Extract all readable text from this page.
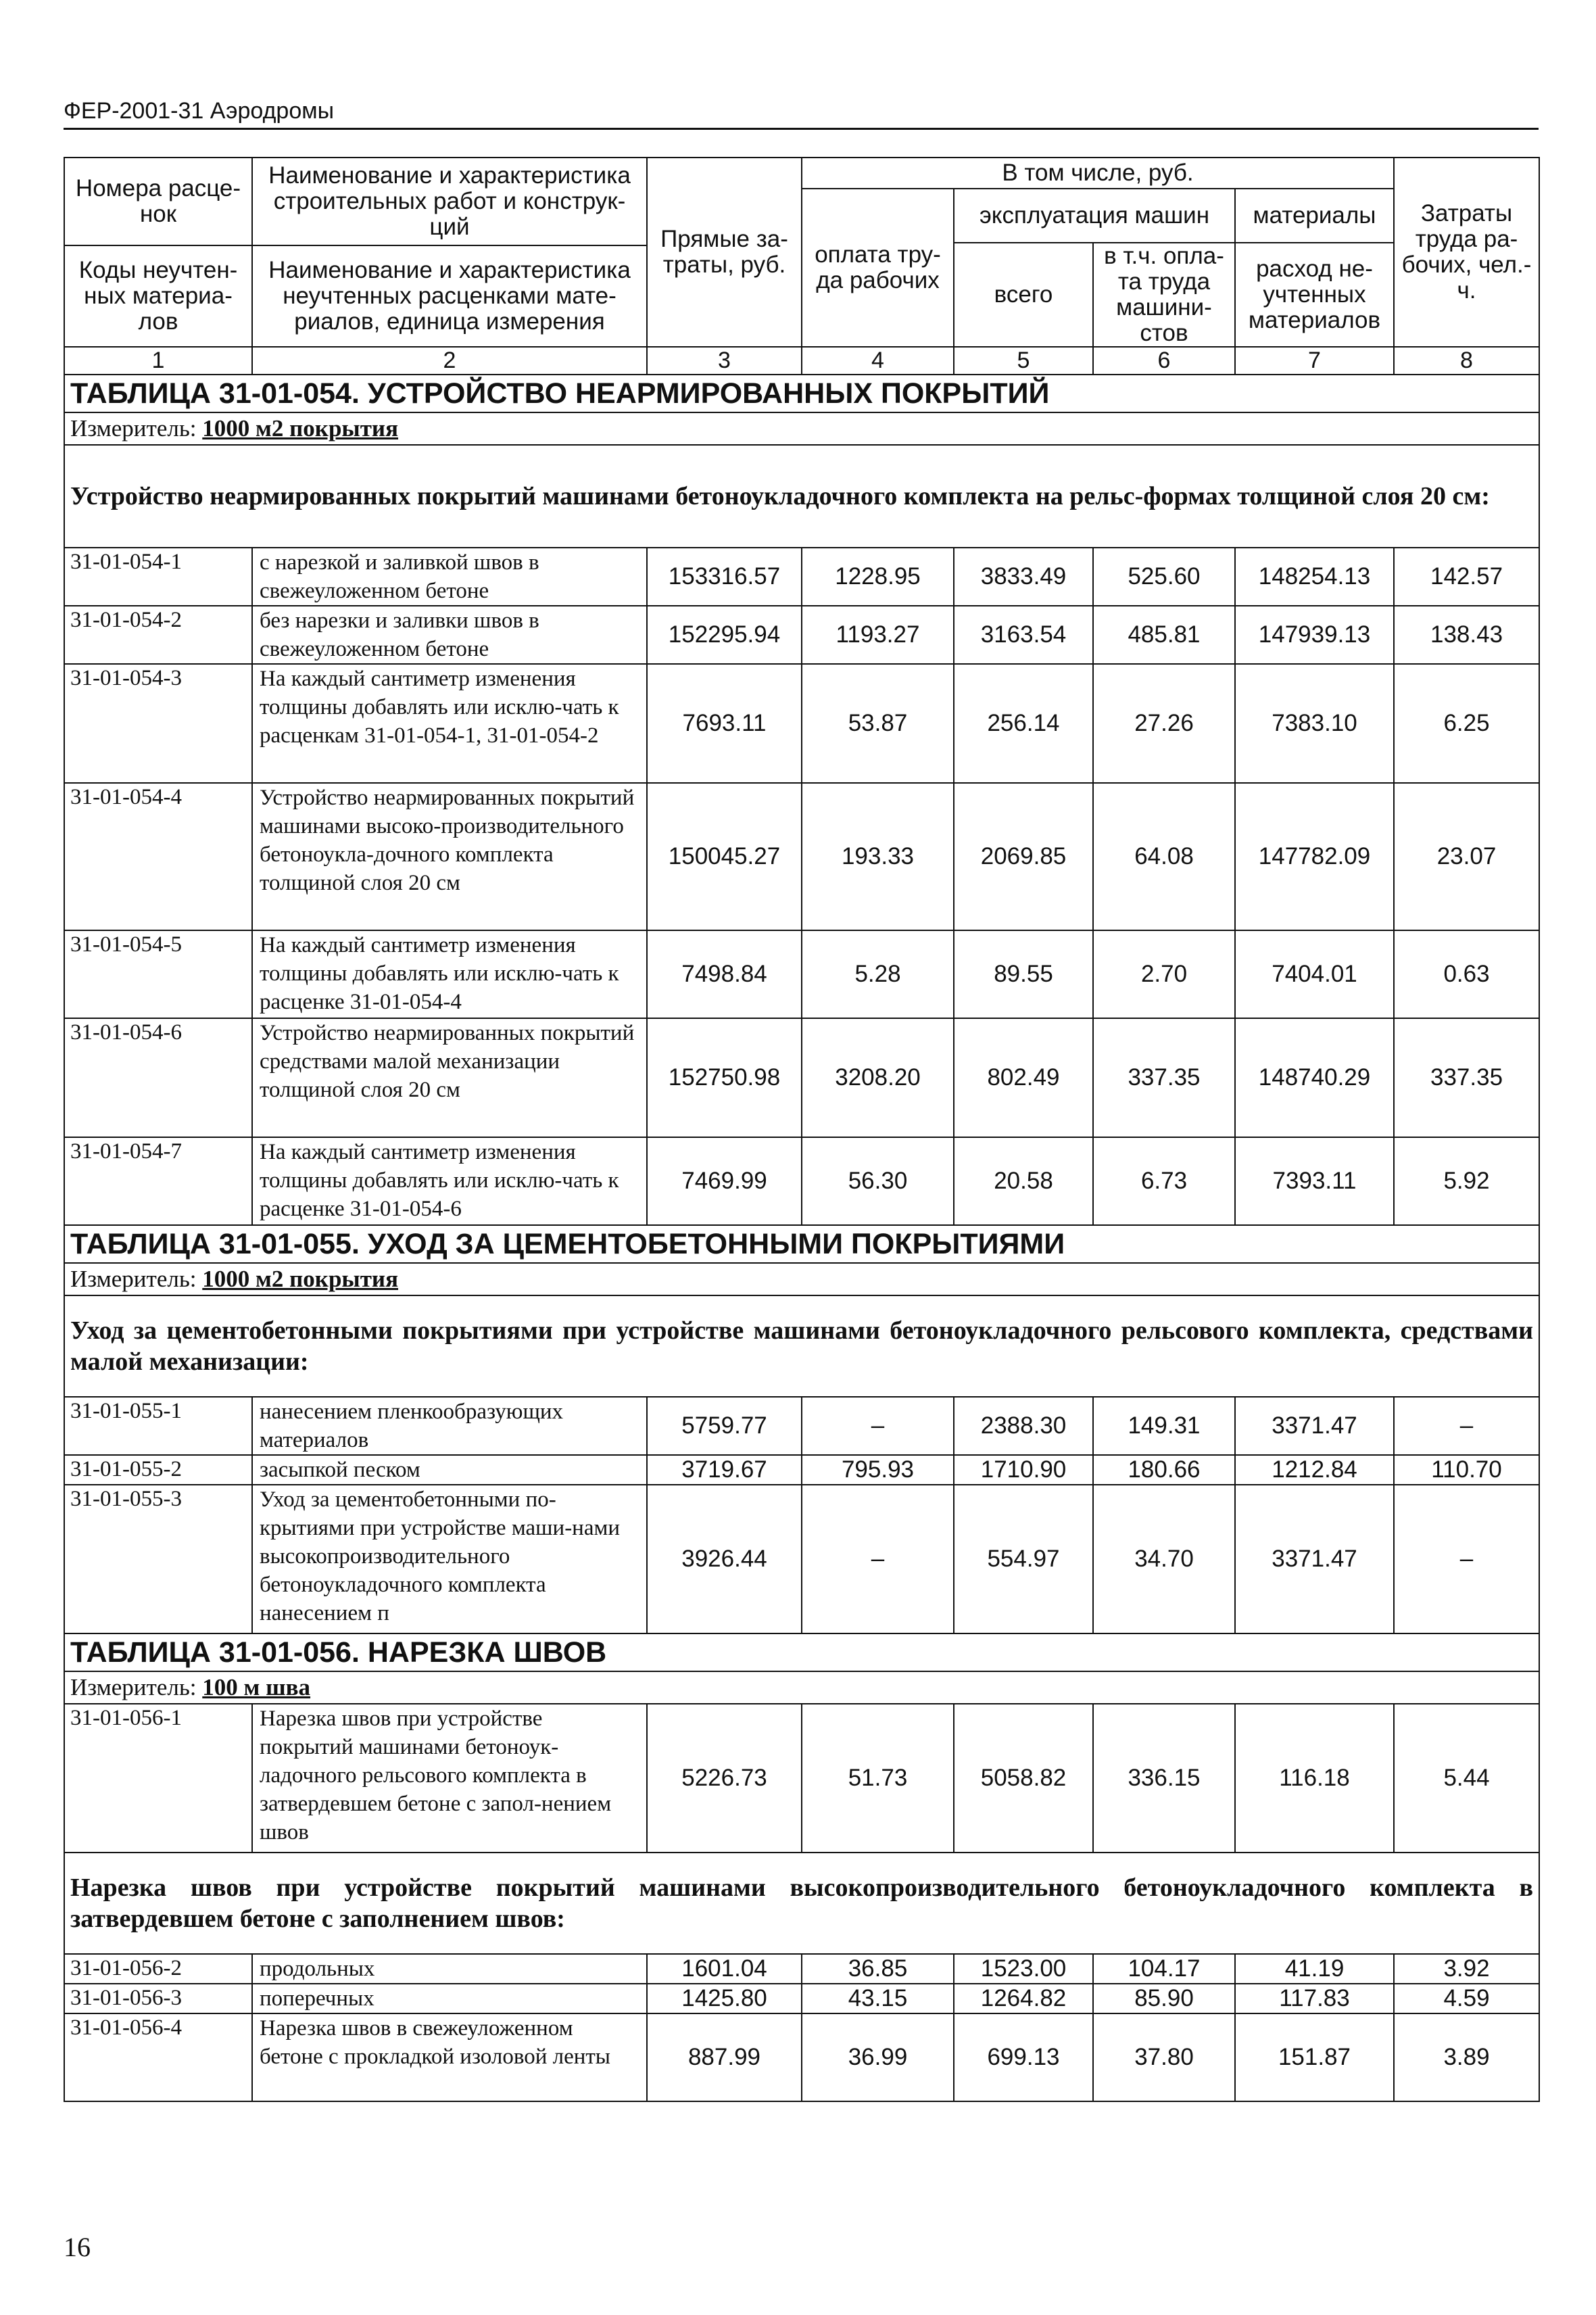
ФЕР-2001-31 Аэродромы
Номера расце-нок	Наименование и характеристика строительных работ и конструк-ций	Прямые за-траты, руб.	В том числе, руб.				Затраты труда ра-бочих, чел.-ч.
			оплата тру-да рабочих	эксплуатация машин		материалы	
				всего	в т.ч. опла-та труда машини-стов	расход не-учтенных материалов	
Коды неучтен-ных материа-лов	Наименование и характеристика неучтенных расценками мате-риалов, единица измерения						

1	2	3	4	5	6	7	8
ТАБЛИЦА 31-01-054. УСТРОЙСТВО НЕАРМИРОВАННЫХ ПОКРЫТИЙ							
Измеритель: 1000 м2 покрытия							
Устройство неармированных покрытий машинами бетоноукладочного комплекта на рельс-формах толщиной слоя 20 см:							
31-01-054-1	с нарезкой и заливкой швов в свежеуложенном бетоне	153316.57	1228.95	3833.49	525.60	148254.13	142.57
31-01-054-2	без нарезки и заливки швов в свежеуложенном бетоне	152295.94	1193.27	3163.54	485.81	147939.13	138.43
31-01-054-3	На каждый сантиметр изменения толщины добавлять или исклю-чать к расценкам 31-01-054-1, 31-01-054-2	7693.11	53.87	256.14	27.26	7383.10	6.25
31-01-054-4	Устройство неармированных покрытий машинами высоко-производительного бетоноукла-дочного комплекта толщиной слоя 20 см	150045.27	193.33	2069.85	64.08	147782.09	23.07
31-01-054-5	На каждый сантиметр изменения толщины добавлять или исклю-чать к расценке 31-01-054-4	7498.84	5.28	89.55	2.70	7404.01	0.63
31-01-054-6	Устройство неармированных покрытий средствами малой механизации толщиной слоя 20 см	152750.98	3208.20	802.49	337.35	148740.29	337.35
31-01-054-7	На каждый сантиметр изменения толщины добавлять или исклю-чать к расценке 31-01-054-6	7469.99	56.30	20.58	6.73	7393.11	5.92
ТАБЛИЦА 31-01-055. УХОД ЗА ЦЕМЕНТОБЕТОННЫМИ ПОКРЫТИЯМИ							
Измеритель: 1000 м2 покрытия							
Уход за цементобетонными покрытиями при устройстве машинами бетоноукладочного рельсового комплекта, средствами малой механизации:							
31-01-055-1	нанесением пленкообразующих материалов	5759.77	–	2388.30	149.31	3371.47	–
31-01-055-2	засыпкой песком	3719.67	795.93	1710.90	180.66	1212.84	110.70
31-01-055-3	Уход за цементобетонными по-крытиями при устройстве маши-нами высокопроизводительного бетоноукладочного комплекта нанесением п	3926.44	–	554.97	34.70	3371.47	–
ТАБЛИЦА 31-01-056. НАРЕЗКА ШВОВ							
Измеритель: 100 м шва							
31-01-056-1	Нарезка швов при устройстве покрытий машинами бетоноук-ладочного рельсового комплекта в затвердевшем бетоне с запол-нением швов	5226.73	51.73	5058.82	336.15	116.18	5.44
Нарезка швов при устройстве покрытий машинами высокопроизводительного бетоноукладочного комплекта в затвердевшем бетоне с заполнением швов:							
31-01-056-2	продольных	1601.04	36.85	1523.00	104.17	41.19	3.92
31-01-056-3	поперечных	1425.80	43.15	1264.82	85.90	117.83	4.59
31-01-056-4	Нарезка швов в свежеуложенном бетоне с прокладкой изоловой ленты	887.99	36.99	699.13	37.80	151.87	3.89
16
